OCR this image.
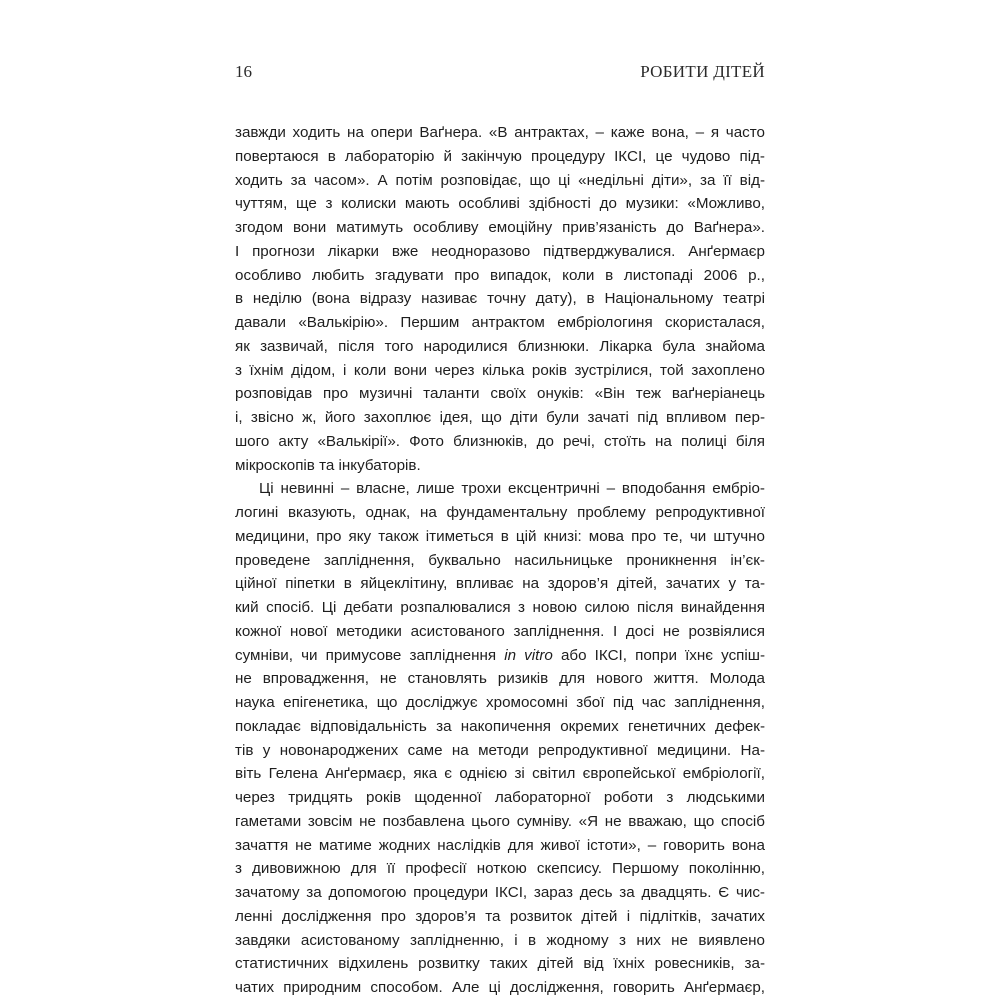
16	РОБИТИ ДІТЕЙ
завжди ходить на опери Ваґнера. «В антрактах, – каже вона, – я часто
повертаюся в лабораторію й закінчую процедуру ІКСІ, це чудово під-
ходить за часом». А потім розповідає, що ці «недільні діти», за її від-
чуттям, ще з колиски мають особливі здібності до музики: «Можливо,
згодом вони матимуть особливу емоційну прив’язаність до Ваґнера».
І прогнози лікарки вже неодноразово підтверджувалися. Анґермаєр
особливо любить згадувати про випадок, коли в листопаді 2006 р.,
в неділю (вона відразу називає точну дату), в Національному театрі
давали «Валькірію». Першим антрактом ембріологиня скористалася,
як зазвичай, після того народилися близнюки. Лікарка була знайома
з їхнім дідом, і коли вони через кілька років зустрілися, той захоплено
розповідав про музичні таланти своїх онуків: «Він теж ваґнеріанець
і, звісно ж, його захоплює ідея, що діти були зачаті під впливом пер-
шого акту «Валькірії». Фото близнюків, до речі, стоїть на полиці біля
мікроскопів та інкубаторів.
Ці невинні – власне, лише трохи ексцентричні – вподобання ембріо-
логині вказують, однак, на фундаментальну проблему репродуктивної
медицини, про яку також ітиметься в цій книзі: мова про те, чи штучно
проведене запліднення, буквально насильницьке проникнення ін’єк-
ційної піпетки в яйцеклітину, впливає на здоров’я дітей, зачатих у та-
кий спосіб. Ці дебати розпалювалися з новою силою після винайдення
кожної нової методики асистованого запліднення. І досі не розвіялися
сумніви, чи примусове запліднення in vitro або ІКСІ, попри їхнє успіш-
не впровадження, не становлять ризиків для нового життя. Молода
наука епігенетика, що досліджує хромосомні збої під час запліднення,
покладає відповідальність за накопичення окремих генетичних дефек-
тів у новонароджених саме на методи репродуктивної медицини. На-
віть Гелена Анґермаєр, яка є однією зі світил європейської ембріології,
через тридцять років щоденної лабораторної роботи з людськими
гаметами зовсім не позбавлена цього сумніву. «Я не вважаю, що спосіб
зачаття не матиме жодних наслідків для живої істоти», – говорить вона
з дивовижною для її професії ноткою скепсису. Першому поколінню,
зачатому за допомогою процедури ІКСІ, зараз десь за двадцять. Є чис-
ленні дослідження про здоров’я та розвиток дітей і підлітків, зачатих
завдяки асистованому заплідненню, і в жодному з них не виявлено
статистичних відхилень розвитку таких дітей від їхніх ровесників, за-
чатих природним способом. Але ці дослідження, говорить Анґермаєр,
